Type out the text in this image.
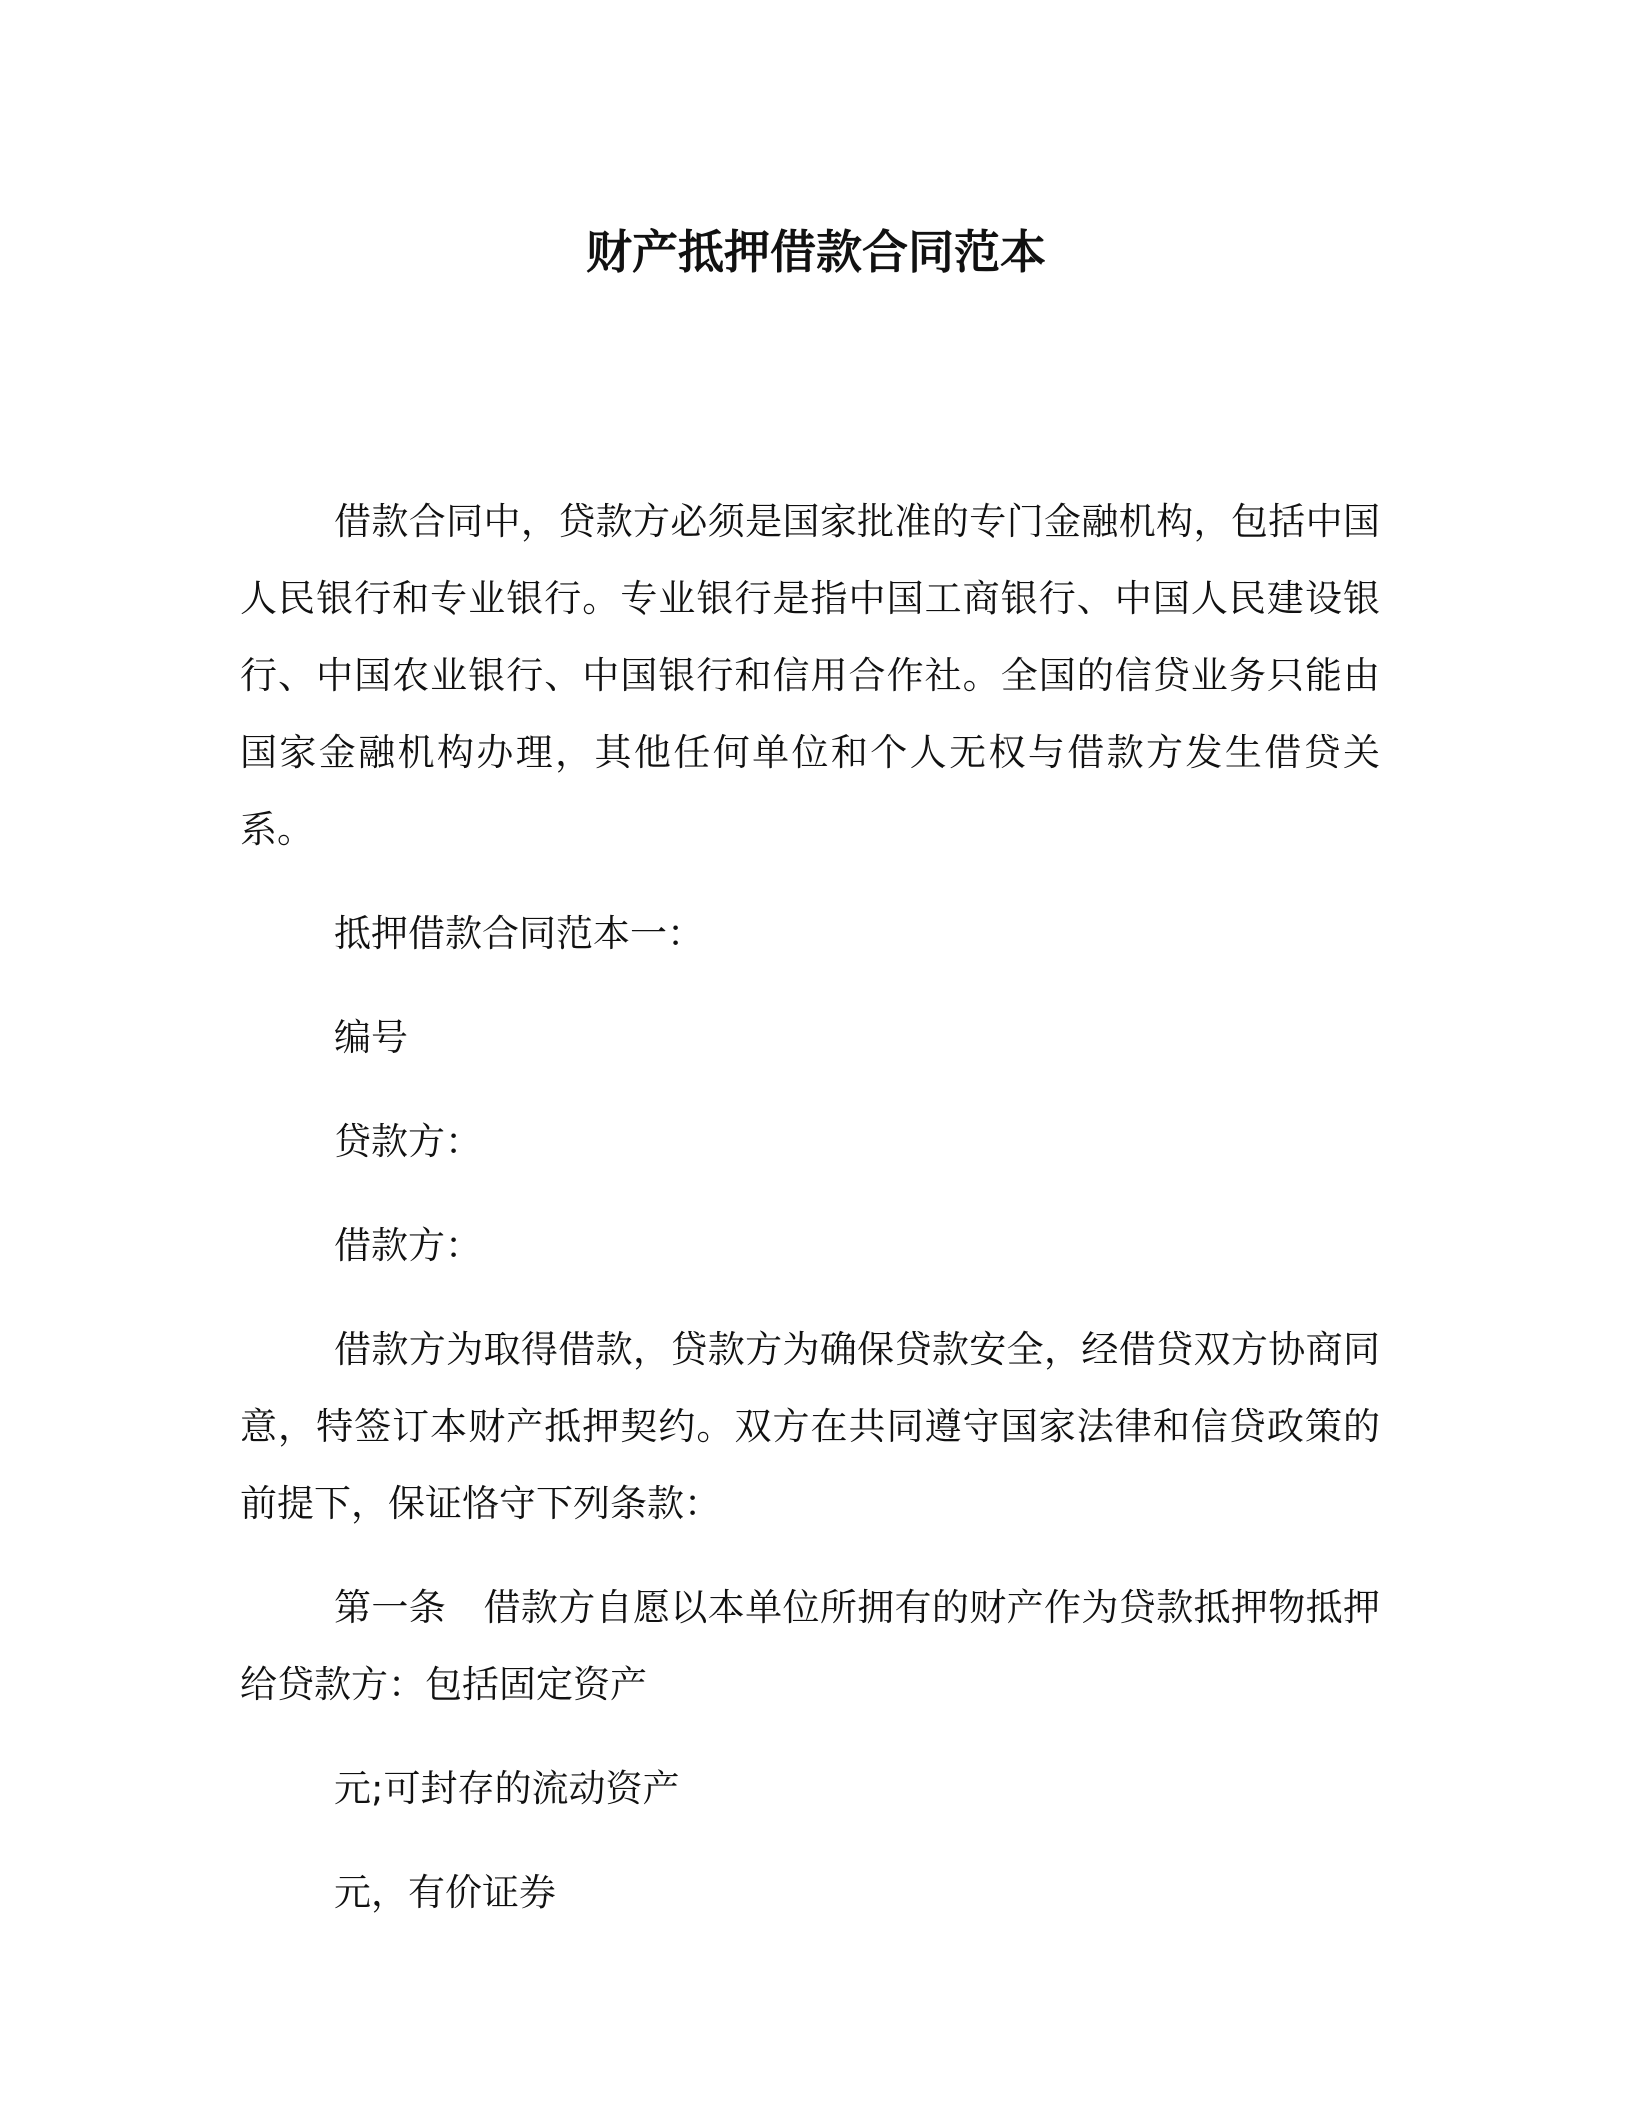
财产抵押借款合同范本

借款合同中，贷款方必须是国家批准的专门金融机构，包括中国人民银行和专业银行。专业银行是指中国工商银行、中国人民建设银行、中国农业银行、中国银行和信用合作社。全国的信贷业务只能由国家金融机构办理，其他任何单位和个人无权与借款方发生借贷关系。

抵押借款合同范本一：

编号

贷款方：

借款方：

借款方为取得借款，贷款方为确保贷款安全，经借贷双方协商同意，特签订本财产抵押契约。双方在共同遵守国家法律和信贷政策的前提下，保证恪守下列条款：

第一条　借款方自愿以本单位所拥有的财产作为贷款抵押物抵押给贷款方：包括固定资产

元;可封存的流动资产

元，有价证券
